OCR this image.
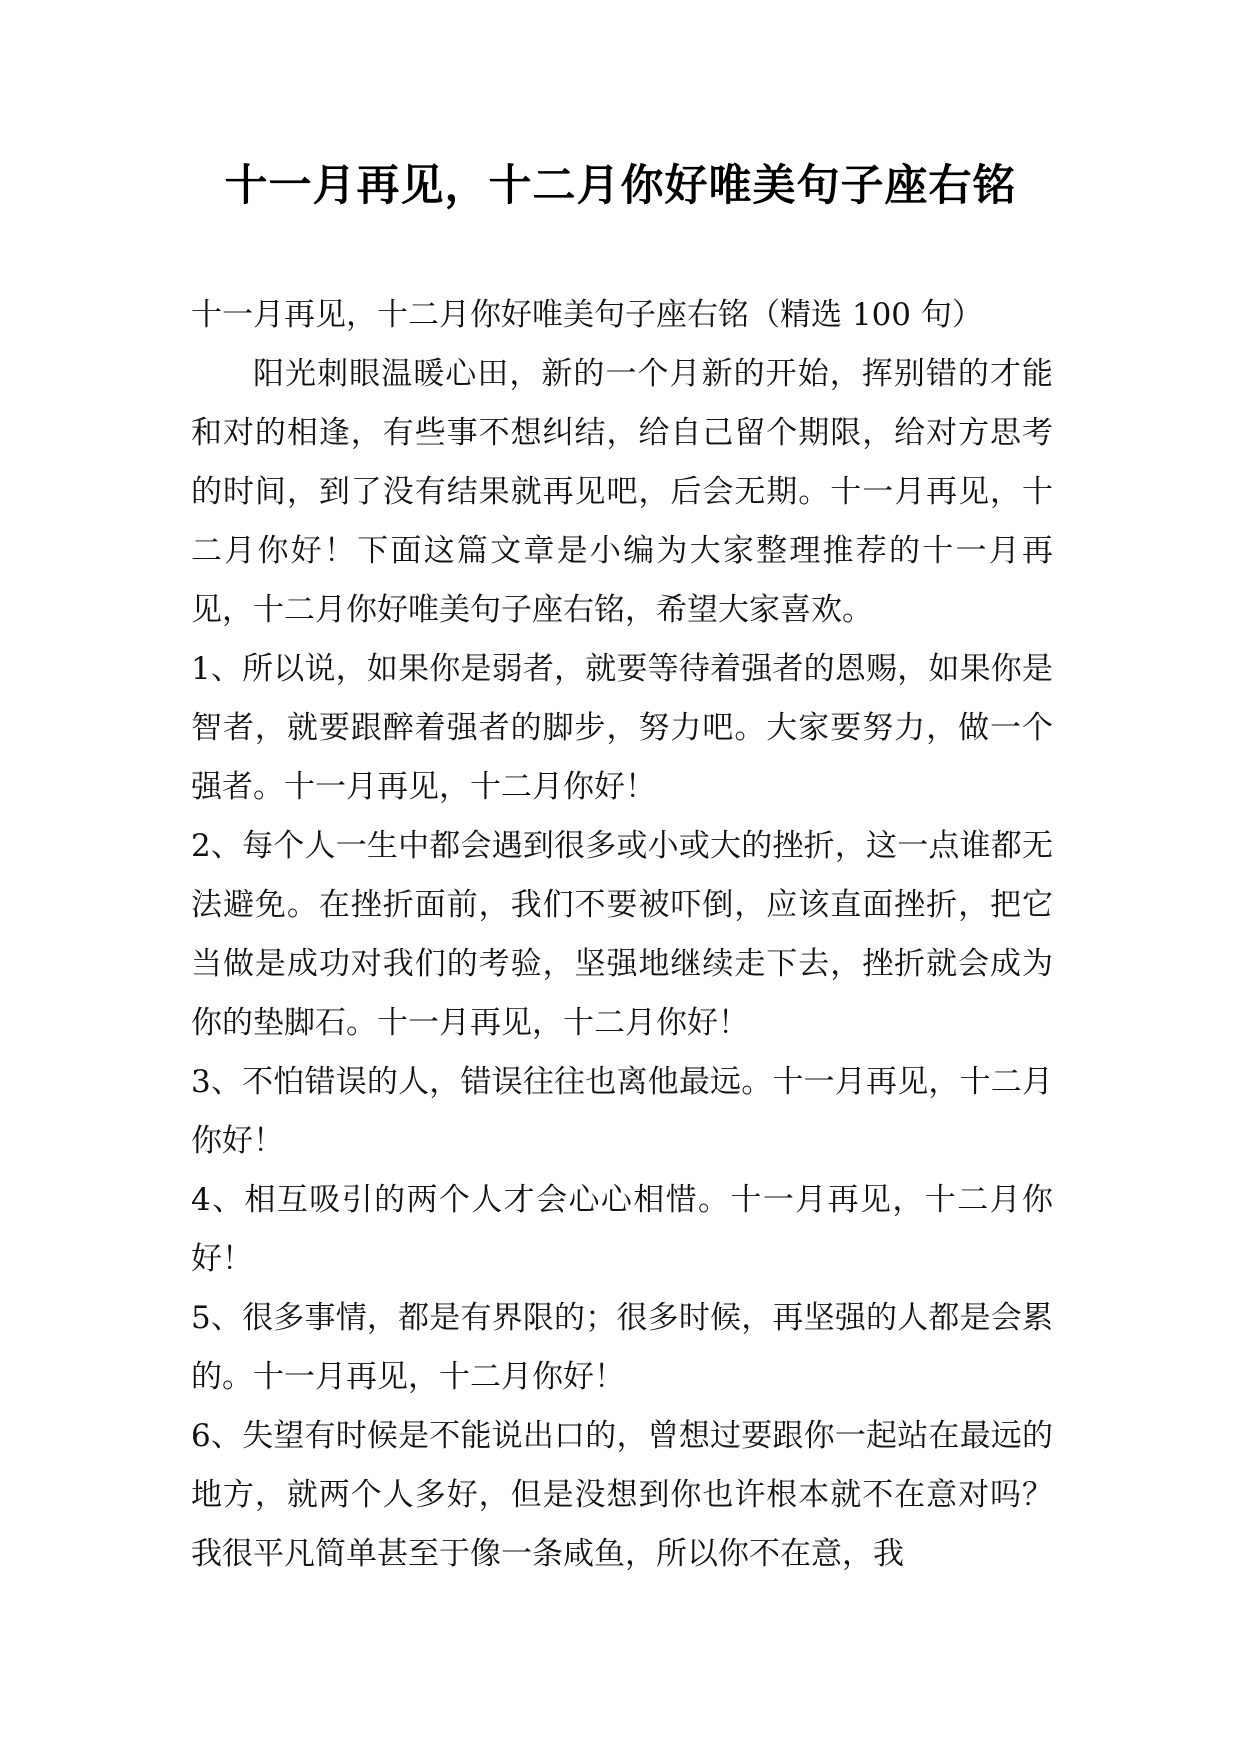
十一月再见，十二月你好唯美句子座右铭

十一月再见，十二月你好唯美句子座右铭（精选 100 句）

阳光刺眼温暖心田，新的一个月新的开始，挥别错的才能和对的相逢，有些事不想纠结，给自己留个期限，给对方思考的时间，到了没有结果就再见吧，后会无期。十一月再见，十二月你好！下面这篇文章是小编为大家整理推荐的十一月再见，十二月你好唯美句子座右铭，希望大家喜欢。

1、所以说，如果你是弱者，就要等待着强者的恩赐，如果你是智者，就要跟醉着强者的脚步，努力吧。大家要努力，做一个强者。十一月再见，十二月你好！

2、每个人一生中都会遇到很多或小或大的挫折，这一点谁都无法避免。在挫折面前，我们不要被吓倒，应该直面挫折，把它当做是成功对我们的考验，坚强地继续走下去，挫折就会成为你的垫脚石。十一月再见，十二月你好！

3、不怕错误的人，错误往往也离他最远。十一月再见，十二月你好！

4、相互吸引的两个人才会心心相惜。十一月再见，十二月你好！

5、很多事情，都是有界限的；很多时候，再坚强的人都是会累的。十一月再见，十二月你好！

6、失望有时候是不能说出口的，曾想过要跟你一起站在最远的地方，就两个人多好，但是没想到你也许根本就不在意对吗？我很平凡简单甚至于像一条咸鱼，所以你不在意，我
